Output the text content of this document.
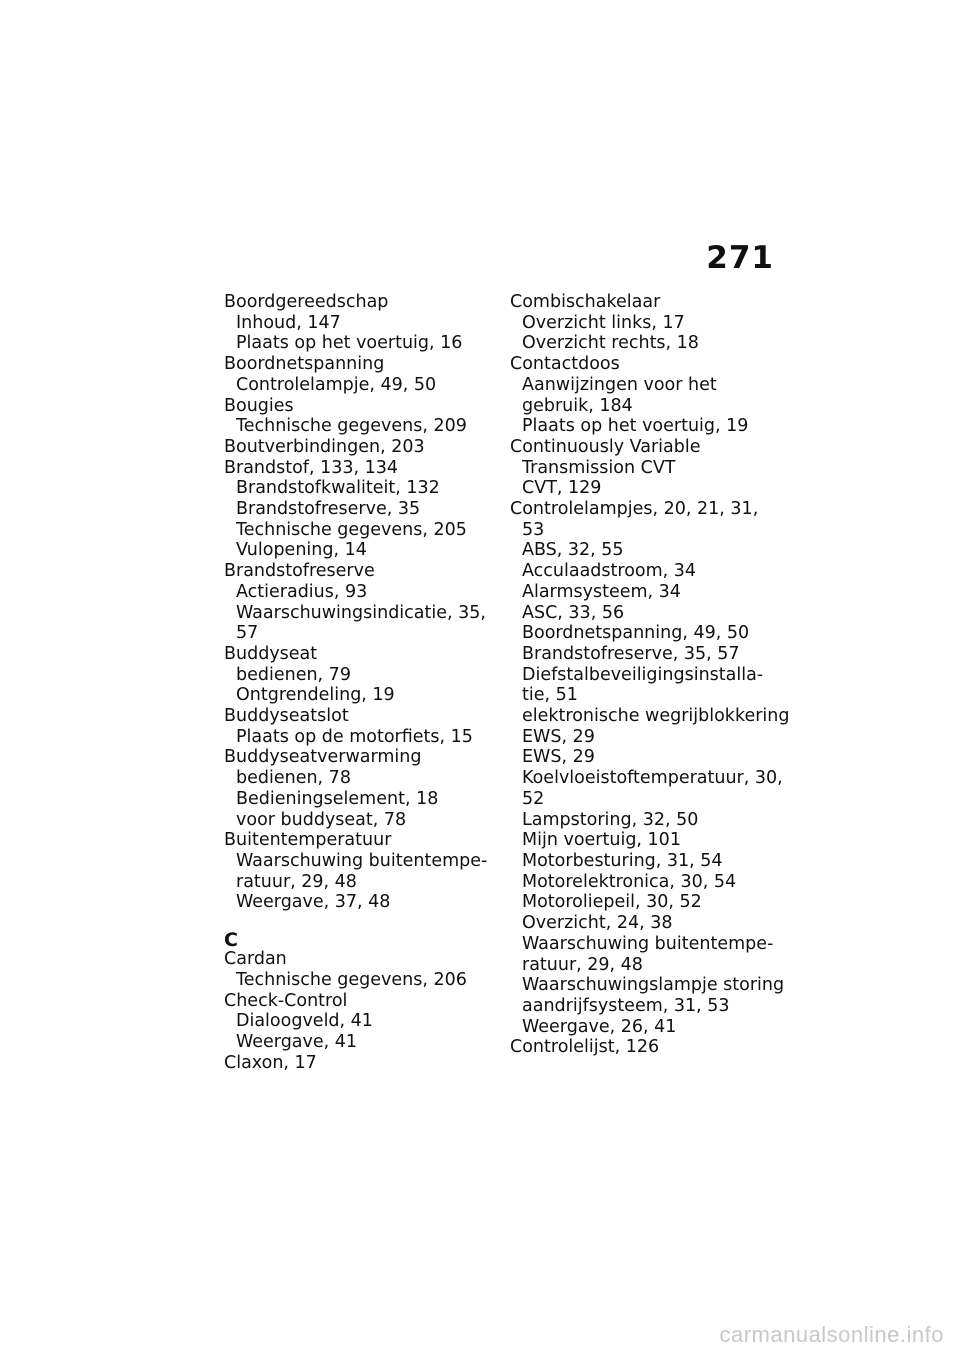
271
Boordgereedschap
Inhoud, 147
Plaats op het voertuig, 16
Boordnetspanning
Controlelampje, 49, 50
Bougies
Technische gegevens, 209
Boutverbindingen, 203
Brandstof, 133, 134
Brandstofkwaliteit, 132
Brandstofreserve, 35
Technische gegevens, 205
Vulopening, 14
Brandstofreserve
Actieradius, 93
Waarschuwingsindicatie, 35,
57
Buddyseat
bedienen, 79
Ontgrendeling, 19
Buddyseatslot
Plaats op de motorfiets, 15
Buddyseatverwarming
bedienen, 78
Bedieningselement, 18
voor buddyseat, 78
Buitentemperatuur
Waarschuwing buitentempe-
ratuur, 29, 48
Weergave, 37, 48
C
Cardan
Technische gegevens, 206
Check-Control
Dialoogveld, 41
Weergave, 41
Claxon, 17
Combischakelaar
Overzicht links, 17
Overzicht rechts, 18
Contactdoos
Aanwijzingen voor het
gebruik, 184
Plaats op het voertuig, 19
Continuously Variable
Transmission CVT
CVT, 129
Controlelampjes, 20, 21, 31,
53
ABS, 32, 55
Acculaadstroom, 34
Alarmsysteem, 34
ASC, 33, 56
Boordnetspanning, 49, 50
Brandstofreserve, 35, 57
Diefstalbeveiligingsinstalla-
tie, 51
elektronische wegrijblokkering
EWS, 29
EWS, 29
Koelvloeistoftemperatuur, 30,
52
Lampstoring, 32, 50
Mijn voertuig, 101
Motorbesturing, 31, 54
Motorelektronica, 30, 54
Motoroliepeil, 30, 52
Overzicht, 24, 38
Waarschuwing buitentempe-
ratuur, 29, 48
Waarschuwingslampje storing
aandrijfsysteem, 31, 53
Weergave, 26, 41
Controlelijst, 126
carmanualsonline.info
